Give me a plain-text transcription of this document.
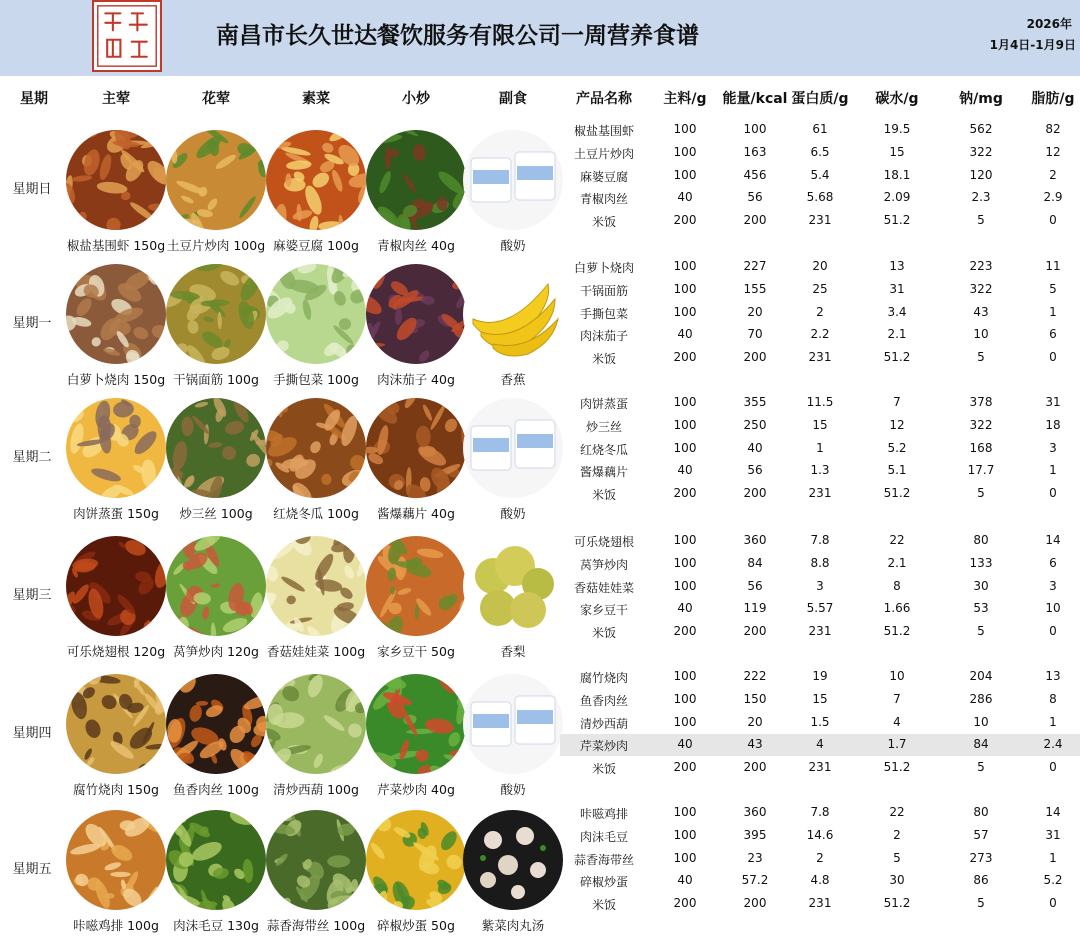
南昌市长久世达餐饮服务有限公司一周营养食谱	2026年
1月4日-1月9日
星期	主荤	花荤	素菜	小炒	副食	产品名称 主料/g 能量/kcal 蛋白质/g 碳水/g	钠/mg 脂肪/g
星期日
椒盐基围虾 150g 土豆片炒肉 100g 麻婆豆腐 100g 青椒肉丝 40g	酸奶
椒盐基围虾	100	100	61	19.5	562	82
土豆片炒肉	100	163	6.5	15	322	12
麻婆豆腐	100	456	5.4	18.1	120	2
青椒肉丝	40	56	5.68	2.09	2.3	2.9
米饭	200	200	231	51.2	5	0
星期一
白萝卜烧肉 150g 干锅面筋 100g 手撕包菜 100g 肉沫茄子 40g	香蕉
白萝卜烧肉	100	227	20	13	223	11
干锅面筋	100	155	25	31	322	5
手撕包菜	100	20	2	3.4	43	1
肉沫茄子	40	70	2.2	2.1	10	6
米饭	200	200	231	51.2	5	0
星期二
肉饼蒸蛋 150g 炒三丝 100g 红烧冬瓜 100g 酱爆藕片 40g	酸奶
肉饼蒸蛋	100	355	11.5	7	378	31
炒三丝	100	250	15	12	322	18
红烧冬瓜	100	40	1	5.2	168	3
酱爆藕片	40	56	1.3	5.1	17.7	1
米饭	200	200	231	51.2	5	0
星期三
可乐烧翅根 120g 莴笋炒肉 120g 香菇娃娃菜 100g 家乡豆干 50g	香梨
可乐烧翅根	100	360	7.8	22	80	14
莴笋炒肉	100	84	8.8	2.1	133	6
香菇娃娃菜	100	56	3	8	30	3
家乡豆干	40	119	5.57	1.66	53	10
米饭	200	200	231	51.2	5	0
星期四
腐竹烧肉 150g 鱼香肉丝 100g 清炒西葫 100g 芹菜炒肉 40g	酸奶
腐竹烧肉	100	222	19	10	204	13
鱼香肉丝	100	150	15	7	286	8
清炒西葫	100	20	1.5	4	10	1
芹菜炒肉	40	43	4	1.7	84	2.4
米饭	200	200	231	51.2	5	0
星期五
咔嗞鸡排 100g 肉沫毛豆 130g 蒜香海带丝 100g 碎椒炒蛋 50g 紫菜肉丸汤
咔嗞鸡排	100	360	7.8	22	80	14
肉沫毛豆	100	395	14.6	2	57	31
蒜香海带丝	100	23	2	5	273	1
碎椒炒蛋	40	57.2	4.8	30	86	5.2
米饭	200	200	231	51.2	5	0
